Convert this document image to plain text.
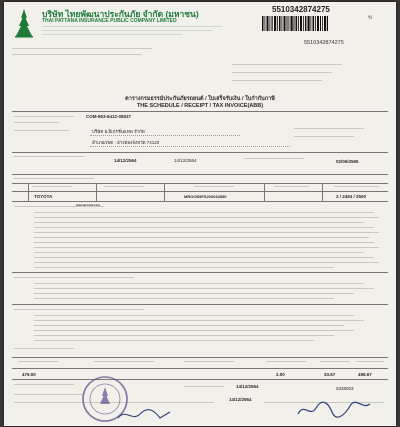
บริษัท ไทยพัฒนาประกันภัย จำกัด (มหาชน)
THAI PATTANA INSURANCE PUBLIC COMPANY LIMITED
5510342874275
5510342874275
ข
ตารางกรมธรรม์ประกันภัยรถยนต์ / ใบเสร็จรับเงิน / ใบกำกับภาษี
THE SCHEDULE / RECEIPT / TAX INVOICE(ABB)
COM-853-6412-08537
บริษัท อ.อิเกรชั่นแทพ จำกัด
อำเภอ/เขต : อ่างทองจังหวัด 74120
14/12/2564	14/12/2564	02/06/2565
TOYOTA	MROCB5FS200032850	3 / 2494 / 2500
479.00	2.00	33.67	498.67
14/12/2564	0338003
14/12/2564
